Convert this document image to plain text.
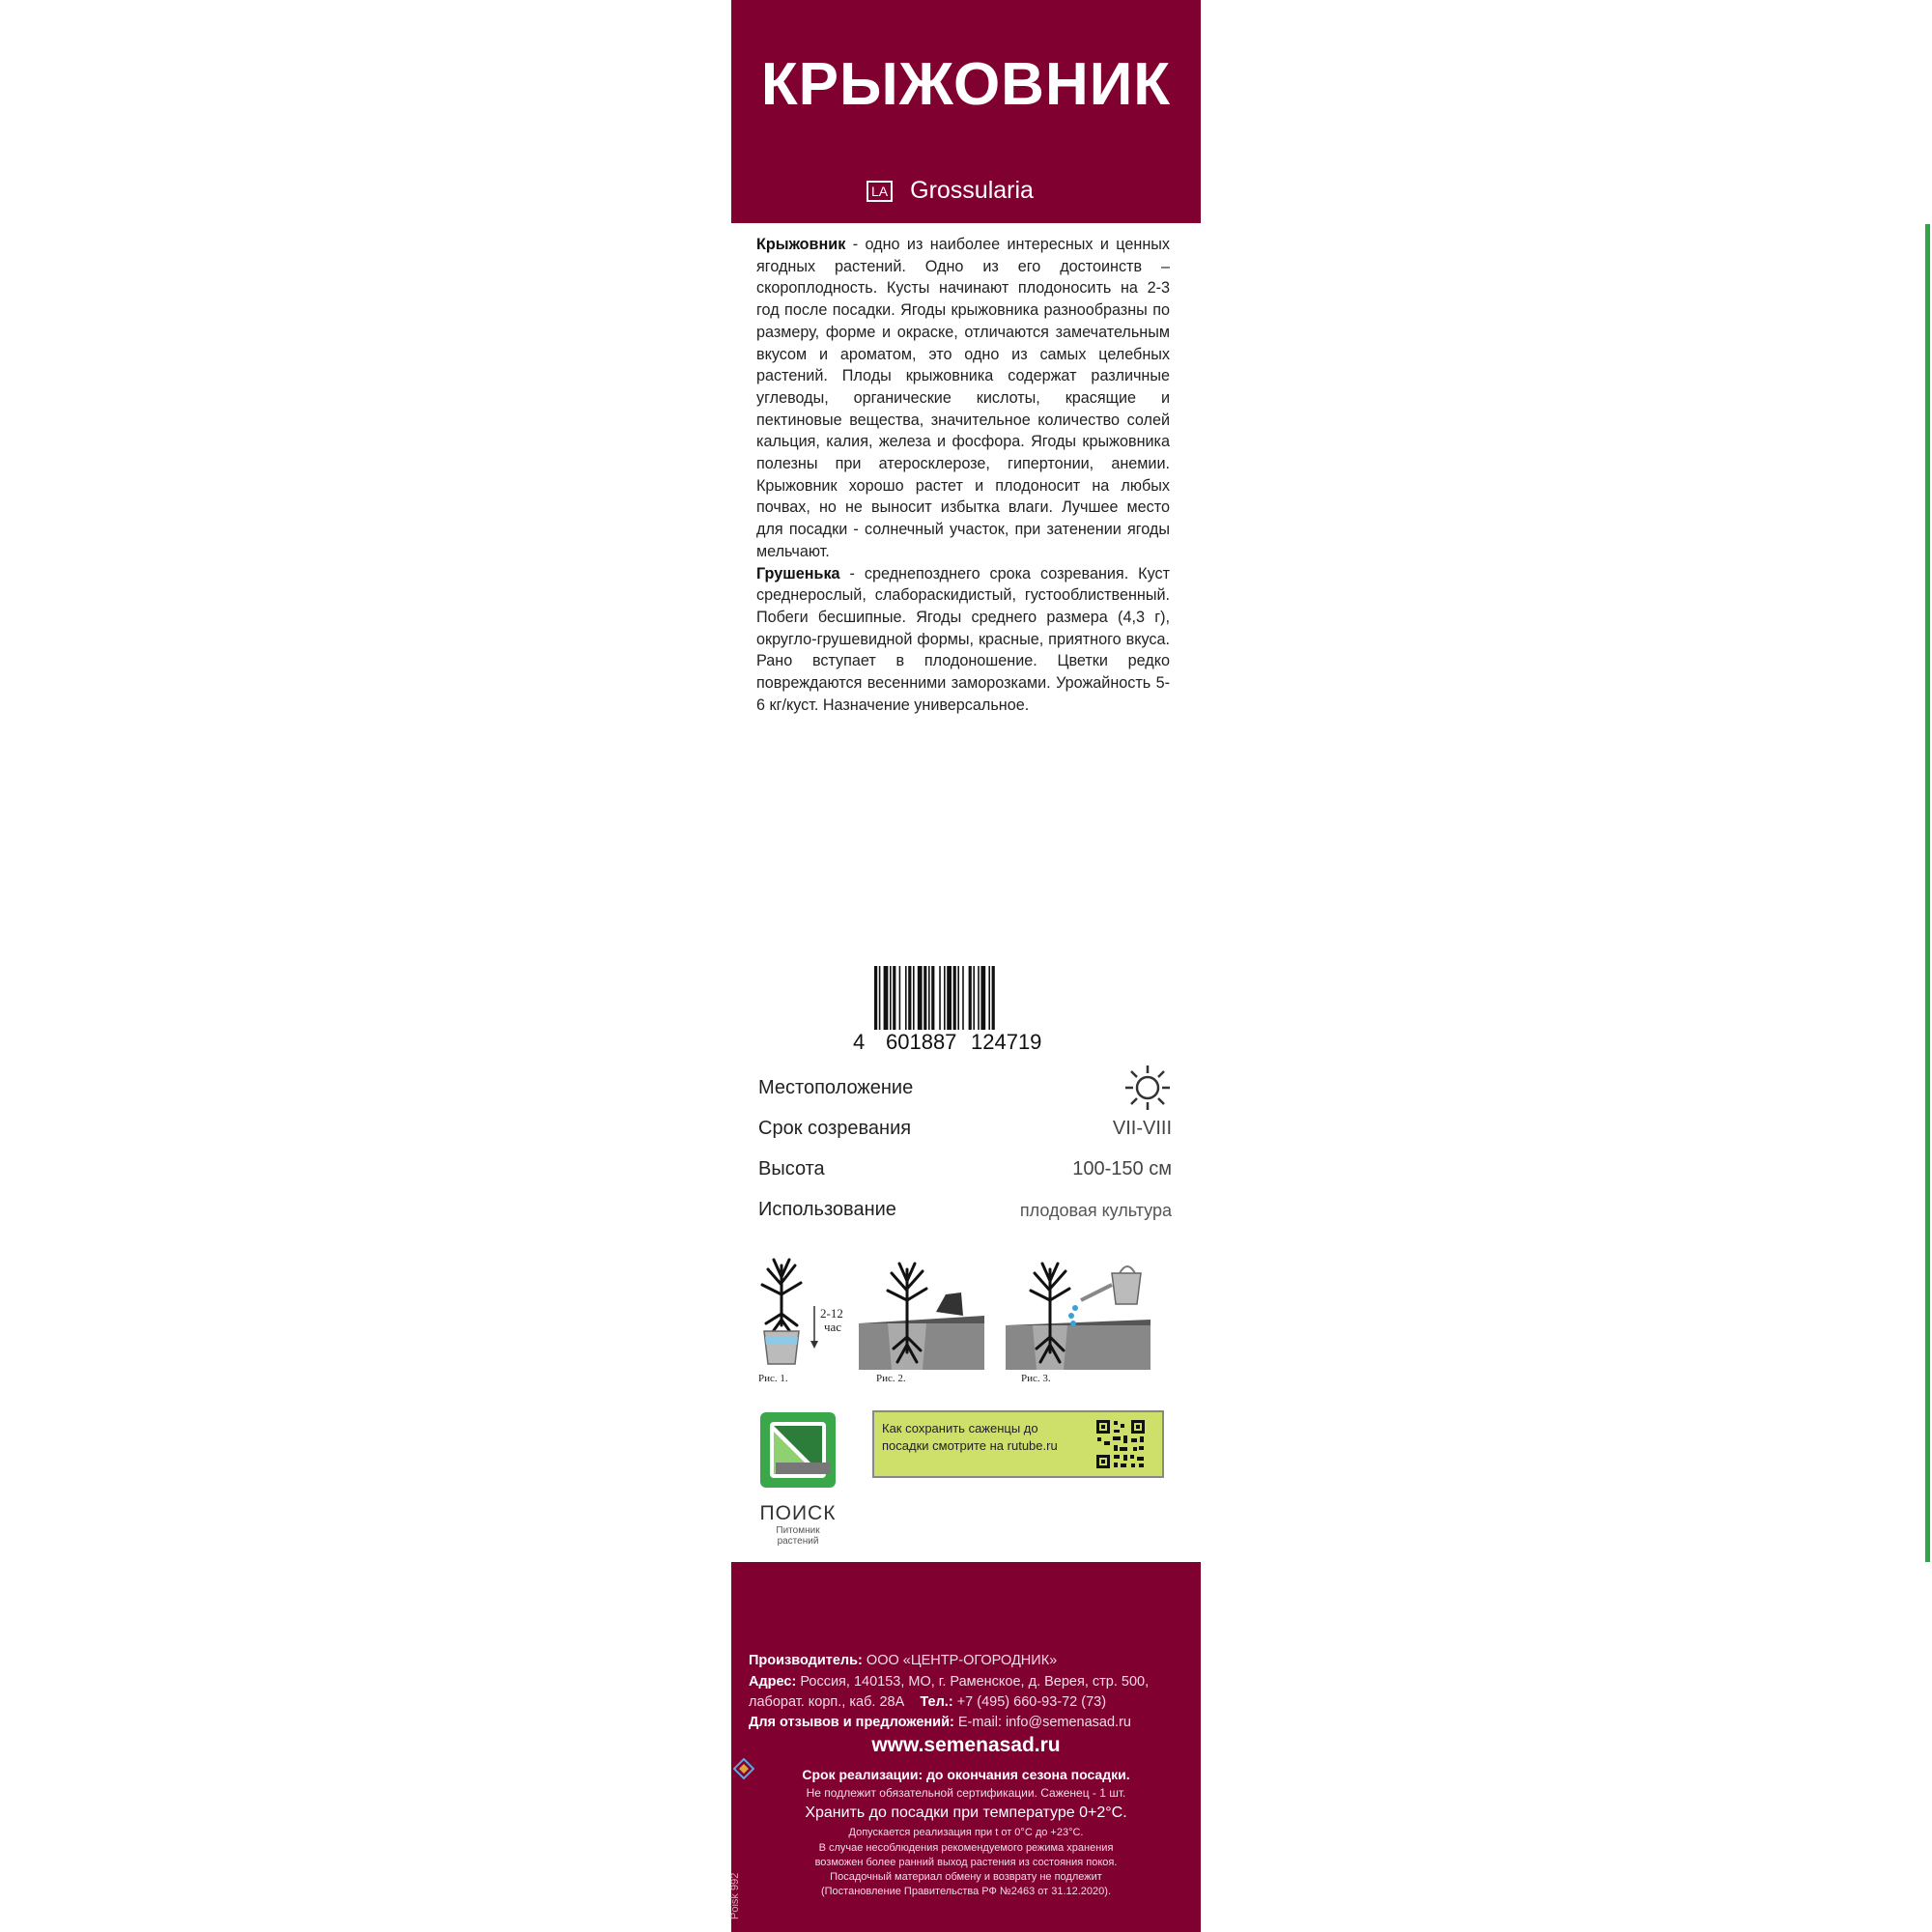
КРЫЖОВНИК
LA Grossularia

Крыжовник - одно из наиболее интересных и ценных ягодных растений. Одно из его достоинств – скороплодность. Кусты начинают плодоносить на 2-3 год после посадки. Ягоды крыжовника разнообразны по размеру, форме и окраске, отличаются замечательным вкусом и ароматом, это одно из самых целебных растений. Плоды крыжовника содержат различные углеводы, органические кислоты, красящие и пектиновые вещества, значительное количество солей кальция, калия, железа и фосфора. Ягоды крыжовника полезны при атеросклерозе, гипертонии, анемии. Крыжовник хорошо растет и плодоносит на любых почвах, но не выносит избытка влаги. Лучшее место для посадки - солнечный участок, при затенении ягоды мельчают.

Грушенька - среднепозднего срока созревания. Куст среднерослый, слабораскидистый, густооблиственный. Побеги бесшипные. Ягоды среднего размера (4,3 г), округло-грушевидной формы, красные, приятного вкуса. Рано вступает в плодоношение. Цветки редко повреждаются весенними заморозками. Урожайность 5-6 кг/куст. Назначение универсальное.

4 601887 124719
Местоположение
Срок созревания	VII-VIII
Высота	100-150 см
Использование	плодовая культура
2-12
час
Рис. 1.	Рис. 2.	Рис. 3.
ПОИСК
Питомник
растений
Как сохранить саженцы до посадки смотрите на rutube.ru
Производитель: ООО «ЦЕНТР-ОГОРОДНИК»
Адрес: Россия, 140153, МО, г. Раменское, д. Верея, стр. 500,
лаборат. корп., каб. 28А Тел.: +7 (495) 660-93-72 (73)
Для отзывов и предложений: E-mail: info@semenasad.ru
www.semenasad.ru
Срок реализации: до окончания сезона посадки.
Не подлежит обязательной сертификации. Саженец - 1 шт.
Хранить до посадки при температуре 0+2°С.
Допускается реализация при t от 0°С до +23°С.
В случае несоблюдения рекомендуемого режима хранения
возможен более ранний выход растения из состояния покоя.
Посадочный материал обмену и возврату не подлежит
(Постановление Правительства РФ №2463 от 31.12.2020).
Poisk 992
